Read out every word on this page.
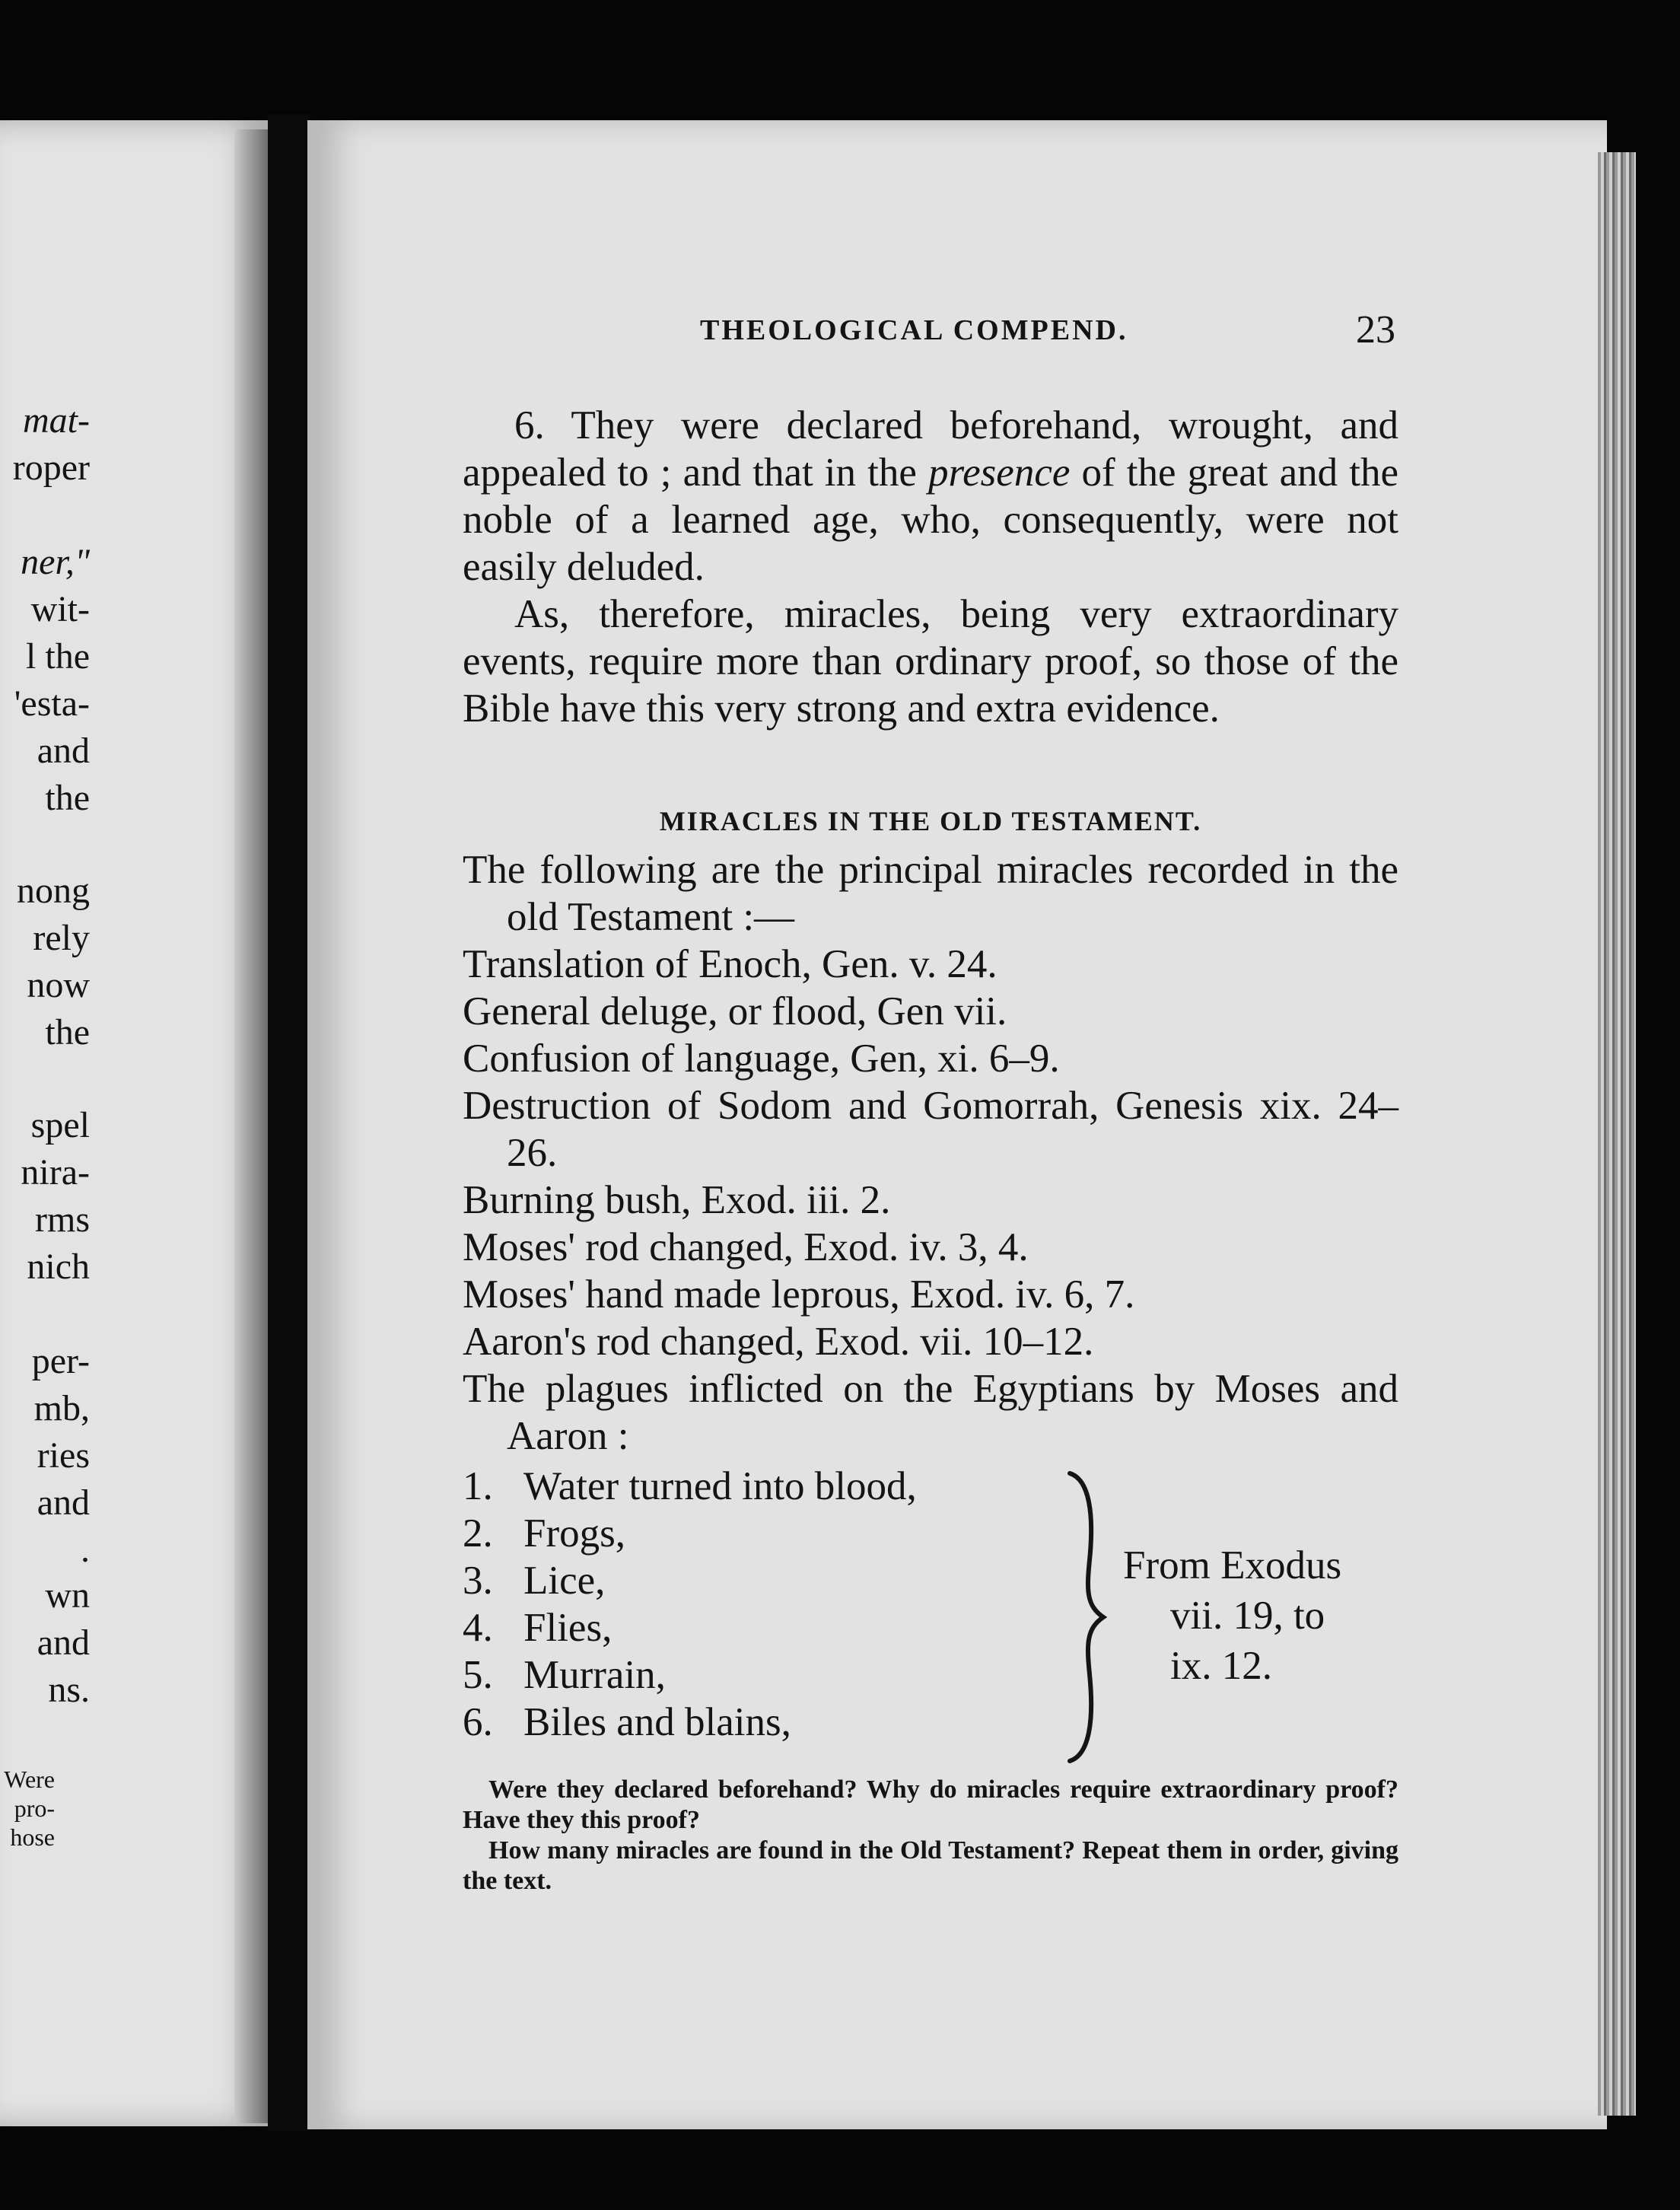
mat-
roper
ner,"
wit-
l the
'esta-
and
the
nong
rely
now
the
spel
nira-
rms
nich
per-
mb,
ries
and
.
wn
and
ns.
Were
pro-
hose
THEOLOGICAL COMPEND.	23

6. They were declared beforehand, wrought, and appealed to ; and that in the presence of the great and the noble of a learned age, who, consequently, were not easily deluded.

As, therefore, miracles, being very extraordinary events, require more than ordinary proof, so those of the Bible have this very strong and extra evidence.

MIRACLES IN THE OLD TESTAMENT.

The following are the principal miracles recorded in the old Testament :—

Translation of Enoch, Gen. v. 24.

General deluge, or flood, Gen vii.

Confusion of language, Gen, xi. 6–9.

Destruction of Sodom and Gomorrah, Genesis xix. 24–26.

Burning bush, Exod. iii. 2.

Moses' rod changed, Exod. iv. 3, 4.

Moses' hand made leprous, Exod. iv. 6, 7.

Aaron's rod changed, Exod. vii. 10–12.

The plagues inflicted on the Egyptians by Moses and Aaron :

1. Water turned into blood,
2. Frogs,
3. Lice,
4. Flies,
5. Murrain,
6. Biles and blains,
From Exodus
vii. 19, to
ix. 12.

Were they declared beforehand? Why do miracles require extraordinary proof? Have they this proof?

How many miracles are found in the Old Testament? Repeat them in order, giving the text.
